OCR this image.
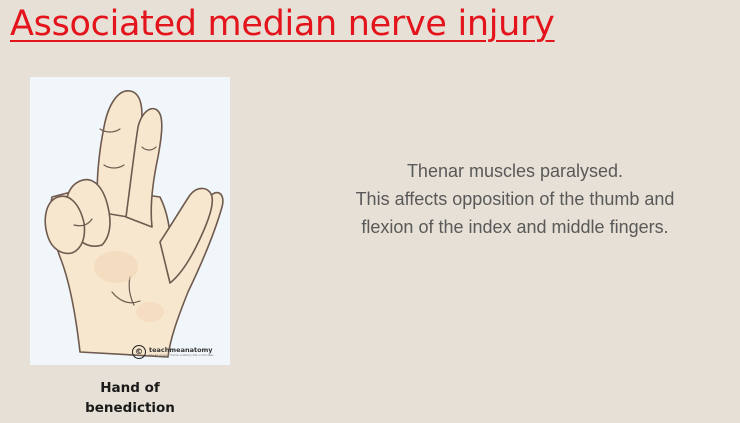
Associated median nerve injury
© teachmeanatomy
The #1 Applied Human Anatomy Site on the Web.
Hand of
benediction
Thenar muscles paralysed.
This affects opposition of the thumb and
flexion of the index and middle fingers.
